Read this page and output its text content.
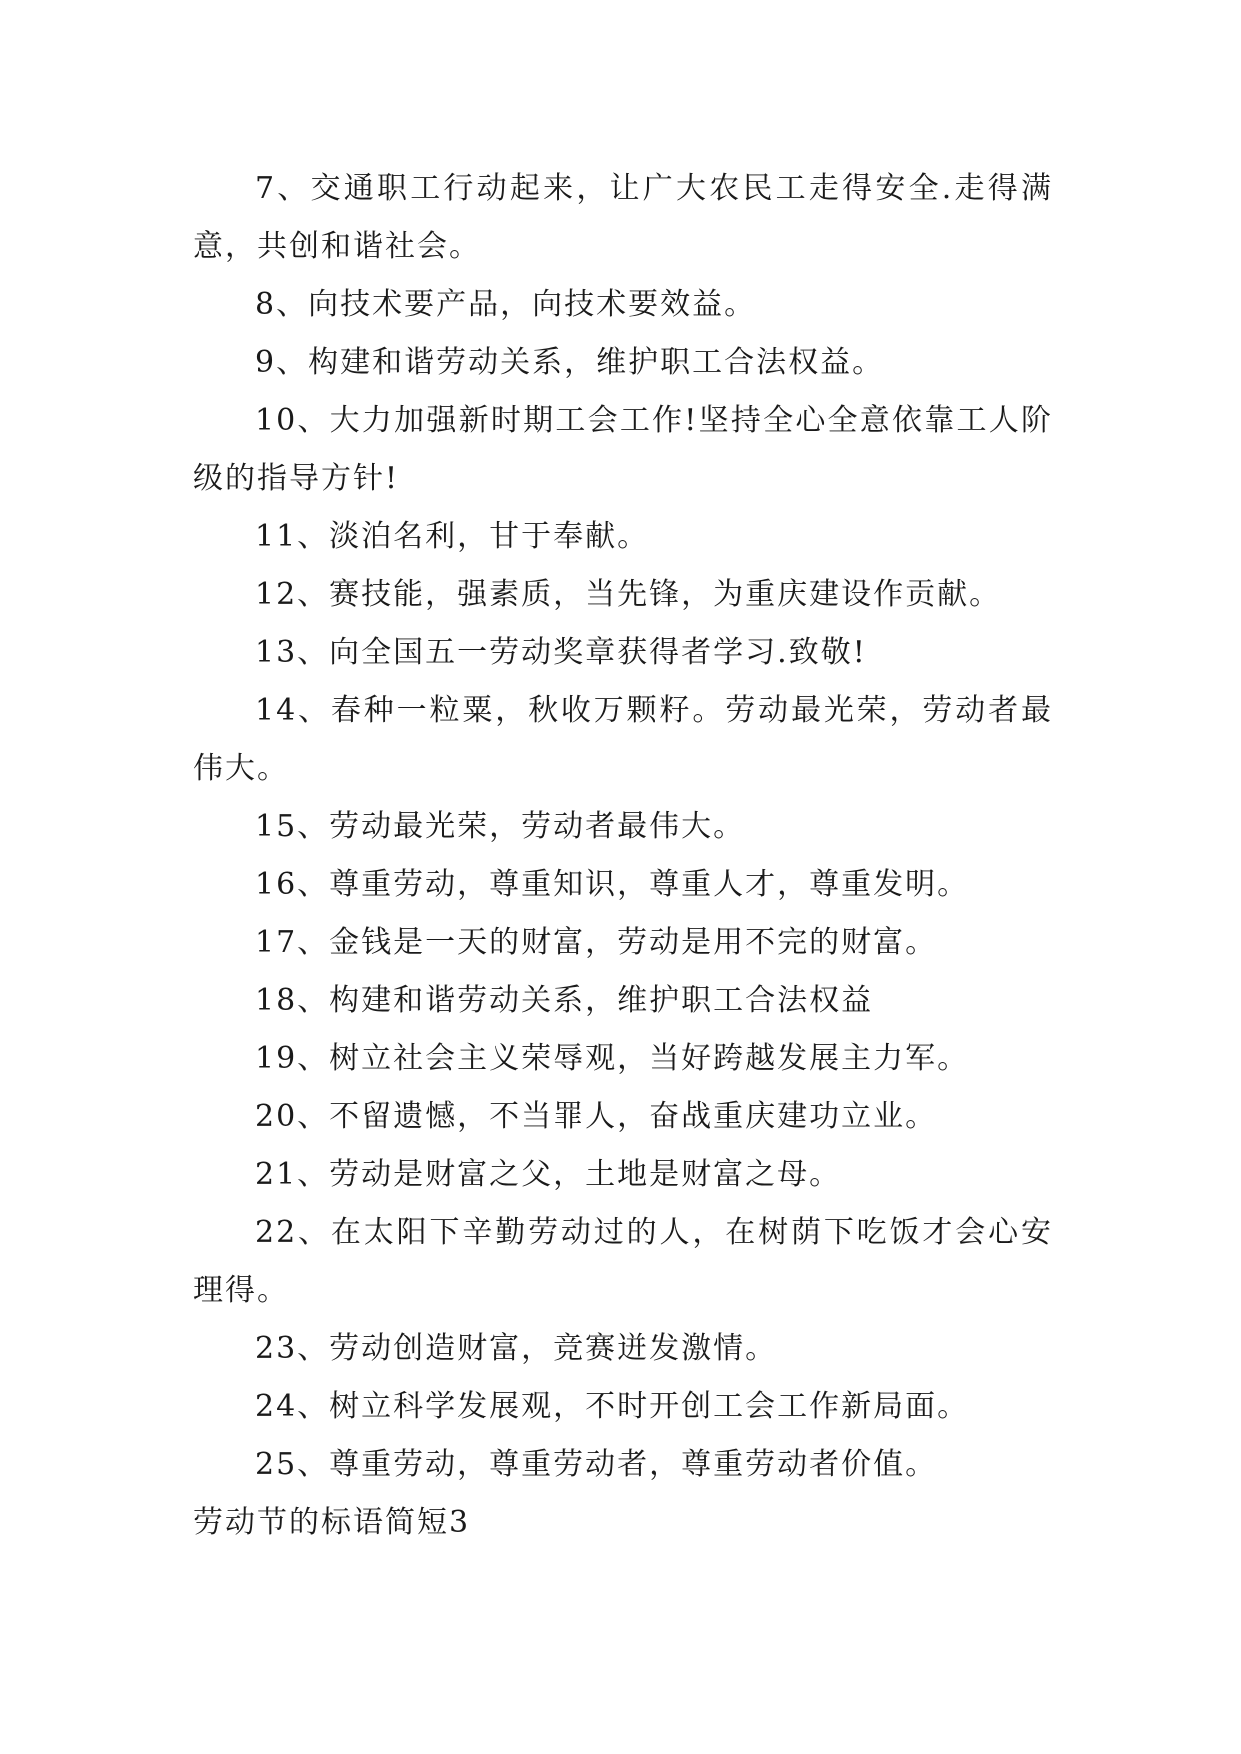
7、交通职工行动起来，让广大农民工走得安全.走得满意，共创和谐社会。

8、向技术要产品，向技术要效益。

9、构建和谐劳动关系，维护职工合法权益。

10、大力加强新时期工会工作!坚持全心全意依靠工人阶级的指导方针!

11、淡泊名利，甘于奉献。

12、赛技能，强素质，当先锋，为重庆建设作贡献。

13、向全国五一劳动奖章获得者学习.致敬!

14、春种一粒粟，秋收万颗籽。劳动最光荣，劳动者最伟大。

15、劳动最光荣，劳动者最伟大。

16、尊重劳动，尊重知识，尊重人才，尊重发明。

17、金钱是一天的财富，劳动是用不完的财富。

18、构建和谐劳动关系，维护职工合法权益

19、树立社会主义荣辱观，当好跨越发展主力军。

20、不留遗憾，不当罪人，奋战重庆建功立业。

21、劳动是财富之父，土地是财富之母。

22、在太阳下辛勤劳动过的人，在树荫下吃饭才会心安理得。

23、劳动创造财富，竞赛迸发激情。

24、树立科学发展观，不时开创工会工作新局面。

25、尊重劳动，尊重劳动者，尊重劳动者价值。

劳动节的标语简短3
